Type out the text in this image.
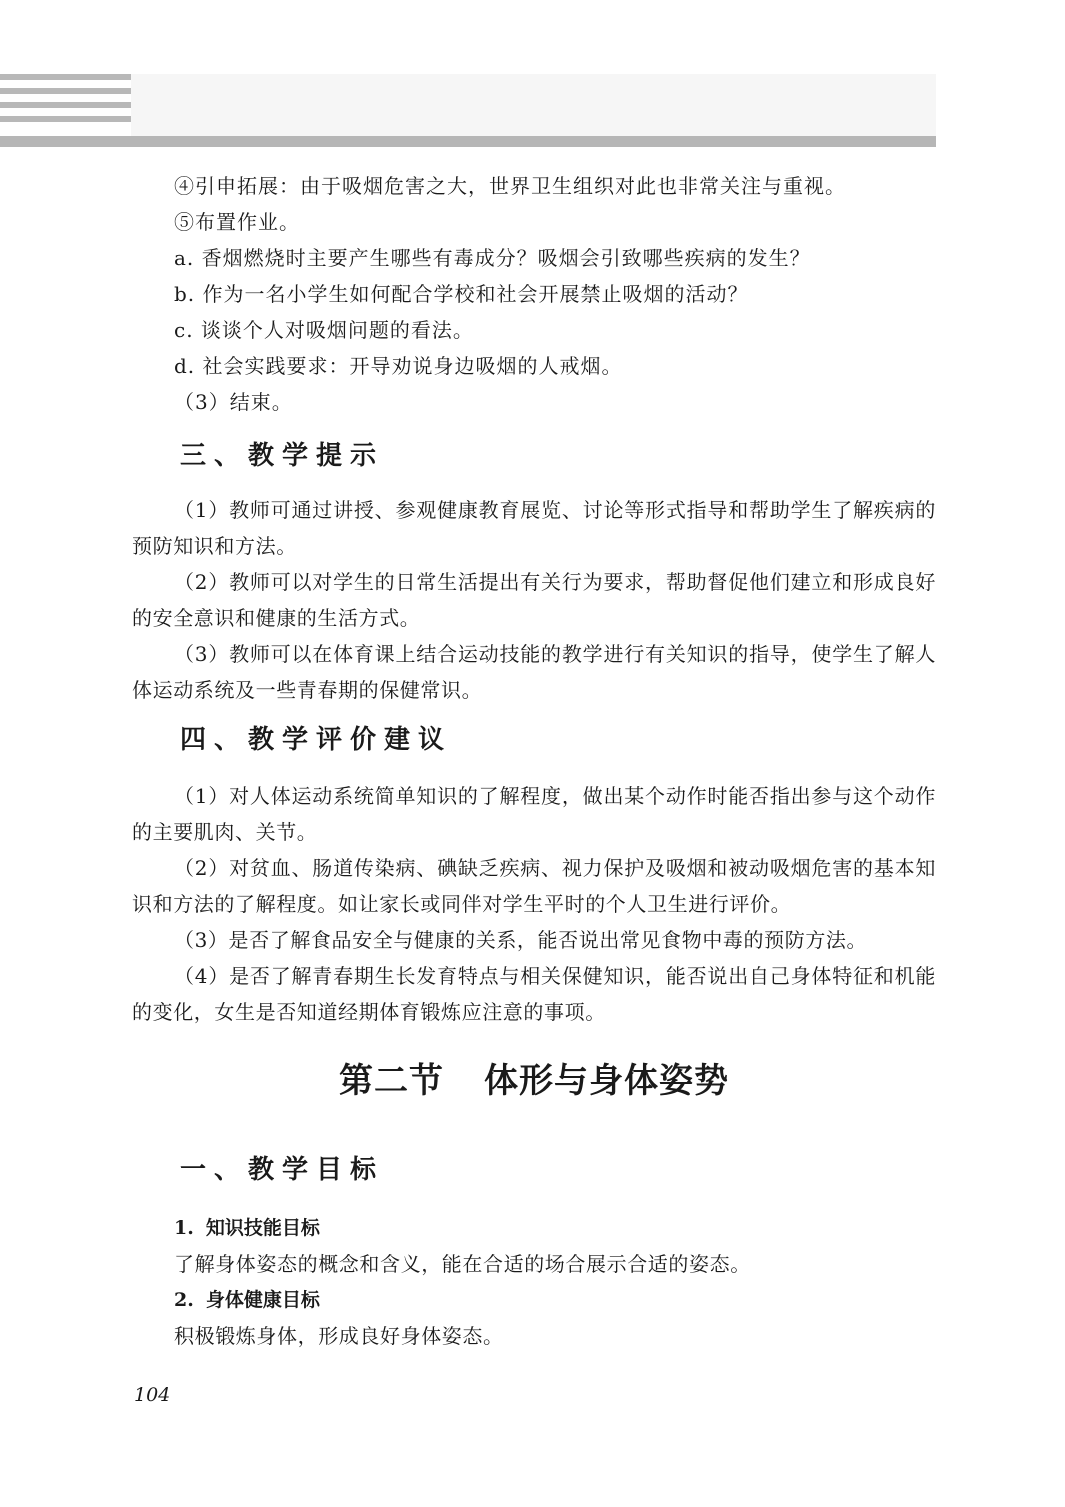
④引申拓展：由于吸烟危害之大，世界卫生组织对此也非常关注与重视。

⑤布置作业。

a. 香烟燃烧时主要产生哪些有毒成分？吸烟会引致哪些疾病的发生？

b. 作为一名小学生如何配合学校和社会开展禁止吸烟的活动？

c. 谈谈个人对吸烟问题的看法。

d. 社会实践要求：开导劝说身边吸烟的人戒烟。

（3）结束。

三、教学提示

（1）教师可通过讲授、参观健康教育展览、讨论等形式指导和帮助学生了解疾病的预防知识和方法。

（2）教师可以对学生的日常生活提出有关行为要求，帮助督促他们建立和形成良好的安全意识和健康的生活方式。

（3）教师可以在体育课上结合运动技能的教学进行有关知识的指导，使学生了解人体运动系统及一些青春期的保健常识。

四、教学评价建议

（1）对人体运动系统简单知识的了解程度，做出某个动作时能否指出参与这个动作的主要肌肉、关节。

（2）对贫血、肠道传染病、碘缺乏疾病、视力保护及吸烟和被动吸烟危害的基本知识和方法的了解程度。如让家长或同伴对学生平时的个人卫生进行评价。

（3）是否了解食品安全与健康的关系，能否说出常见食物中毒的预防方法。

（4）是否了解青春期生长发育特点与相关保健知识，能否说出自己身体特征和机能的变化，女生是否知道经期体育锻炼应注意的事项。

第二节 体形与身体姿势
一、教学目标

1. 知识技能目标

了解身体姿态的概念和含义，能在合适的场合展示合适的姿态。

2. 身体健康目标

积极锻炼身体，形成良好身体姿态。

104
